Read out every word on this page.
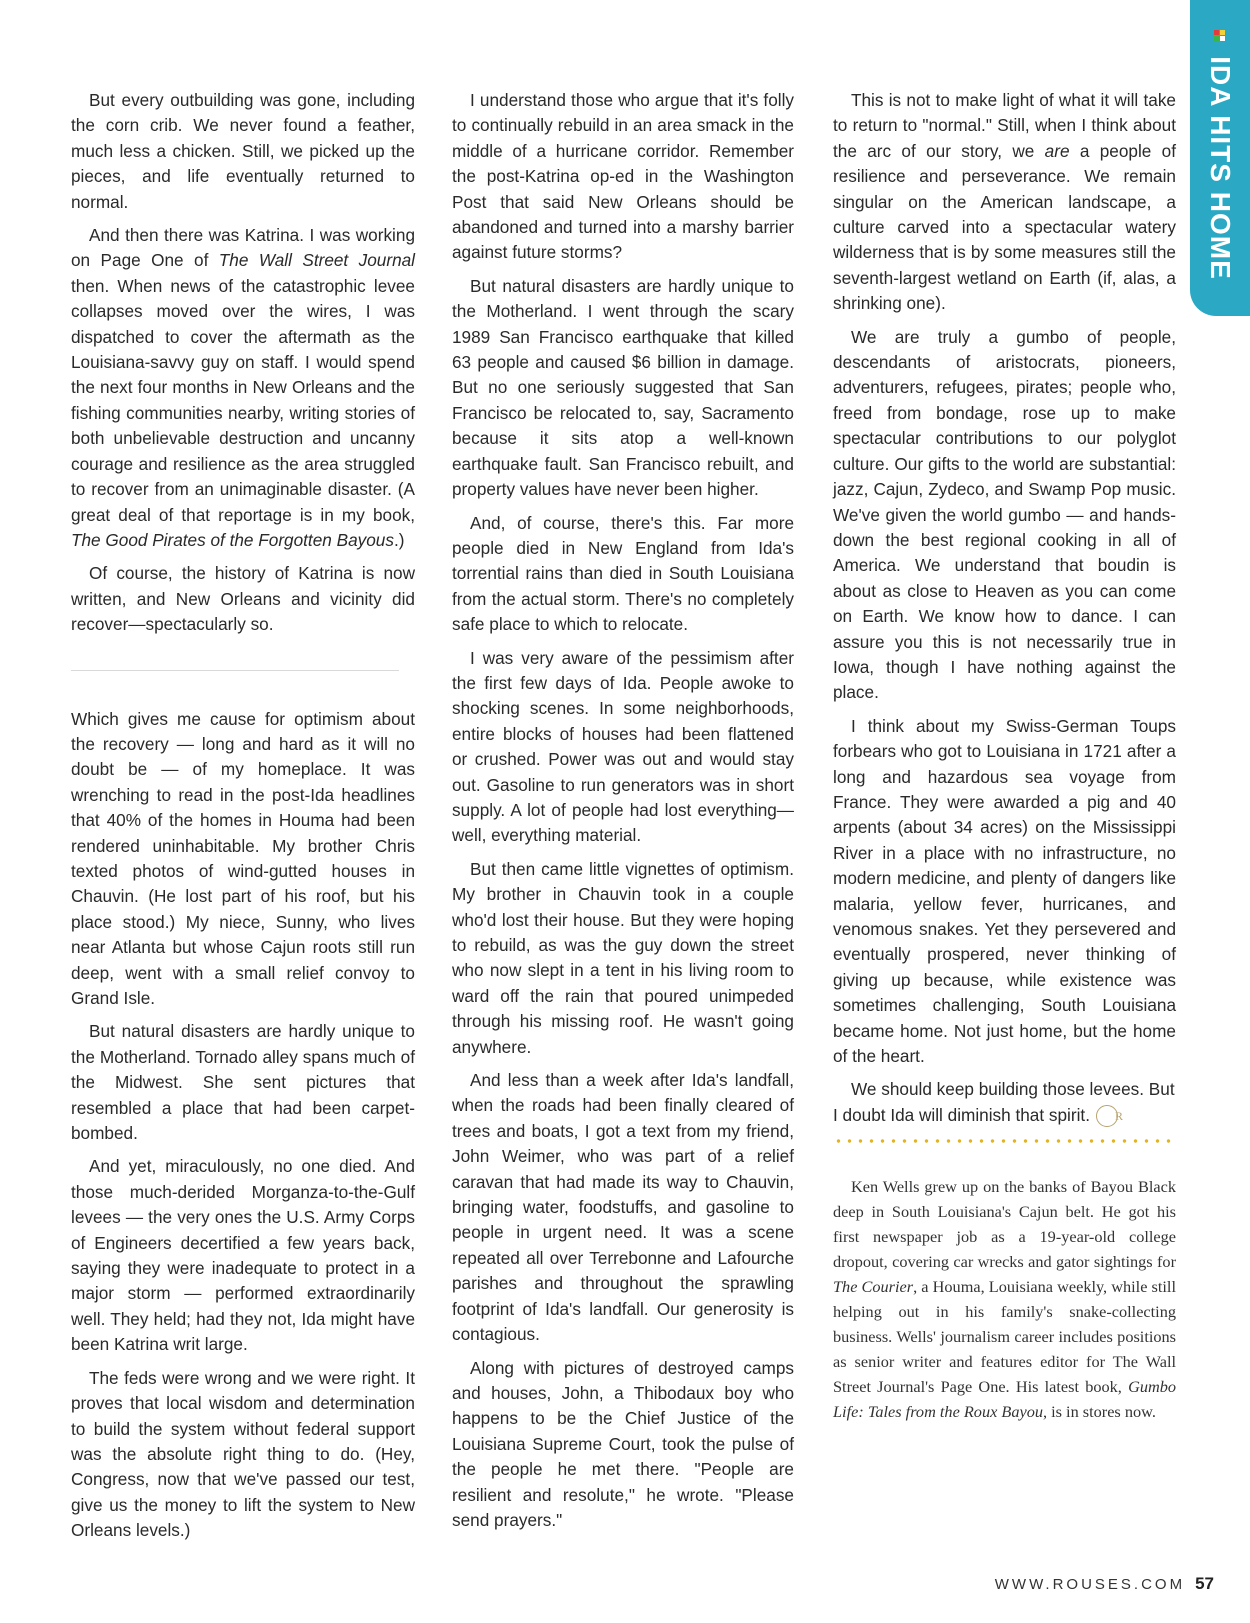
IDA HITS HOME

But every outbuilding was gone, including the corn crib. We never found a feather, much less a chicken. Still, we picked up the pieces, and life eventually returned to normal.

And then there was Katrina. I was working on Page One of The Wall Street Journal then. When news of the catastrophic levee collapses moved over the wires, I was dispatched to cover the aftermath as the Louisiana-savvy guy on staff. I would spend the next four months in New Orleans and the fishing communities nearby, writing stories of both unbelievable destruction and uncanny courage and resilience as the area struggled to recover from an unimaginable disaster. (A great deal of that reportage is in my book, The Good Pirates of the Forgotten Bayous.)

Of course, the history of Katrina is now written, and New Orleans and vicinity did recover—spectacularly so.

Which gives me cause for optimism about the recovery — long and hard as it will no doubt be — of my homeplace. It was wrenching to read in the post-Ida headlines that 40% of the homes in Houma had been rendered uninhabitable. My brother Chris texted photos of wind-gutted houses in Chauvin. (He lost part of his roof, but his place stood.) My niece, Sunny, who lives near Atlanta but whose Cajun roots still run deep, went with a small relief convoy to Grand Isle.

But natural disasters are hardly unique to the Motherland. Tornado alley spans much of the Midwest. She sent pictures that resembled a place that had been carpet-bombed.

And yet, miraculously, no one died. And those much-derided Morganza-to-the-Gulf levees — the very ones the U.S. Army Corps of Engineers decertified a few years back, saying they were inadequate to protect in a major storm — performed extraordinarily well. They held; had they not, Ida might have been Katrina writ large.

The feds were wrong and we were right. It proves that local wisdom and determination to build the system without federal support was the absolute right thing to do. (Hey, Congress, now that we've passed our test, give us the money to lift the system to New Orleans levels.)

I understand those who argue that it's folly to continually rebuild in an area smack in the middle of a hurricane corridor. Remember the post-Katrina op-ed in the Washington Post that said New Orleans should be abandoned and turned into a marshy barrier against future storms?

But natural disasters are hardly unique to the Motherland. I went through the scary 1989 San Francisco earthquake that killed 63 people and caused $6 billion in damage. But no one seriously suggested that San Francisco be relocated to, say, Sacramento because it sits atop a well-known earthquake fault. San Francisco rebuilt, and property values have never been higher.

And, of course, there's this. Far more people died in New England from Ida's torrential rains than died in South Louisiana from the actual storm. There's no completely safe place to which to relocate.

I was very aware of the pessimism after the first few days of Ida. People awoke to shocking scenes. In some neighborhoods, entire blocks of houses had been flattened or crushed. Power was out and would stay out. Gasoline to run generators was in short supply. A lot of people had lost everything—well, everything material.

But then came little vignettes of optimism. My brother in Chauvin took in a couple who'd lost their house. But they were hoping to rebuild, as was the guy down the street who now slept in a tent in his living room to ward off the rain that poured unimpeded through his missing roof. He wasn't going anywhere.

And less than a week after Ida's landfall, when the roads had been finally cleared of trees and boats, I got a text from my friend, John Weimer, who was part of a relief caravan that had made its way to Chauvin, bringing water, foodstuffs, and gasoline to people in urgent need. It was a scene repeated all over Terrebonne and Lafourche parishes and throughout the sprawling footprint of Ida's landfall. Our generosity is contagious.

Along with pictures of destroyed camps and houses, John, a Thibodaux boy who happens to be the Chief Justice of the Louisiana Supreme Court, took the pulse of the people he met there. "People are resilient and resolute," he wrote. "Please send prayers."

This is not to make light of what it will take to return to "normal." Still, when I think about the arc of our story, we are a people of resilience and perseverance. We remain singular on the American landscape, a culture carved into a spectacular watery wilderness that is by some measures still the seventh-largest wetland on Earth (if, alas, a shrinking one).

We are truly a gumbo of people, descendants of aristocrats, pioneers, adventurers, refugees, pirates; people who, freed from bondage, rose up to make spectacular contributions to our polyglot culture. Our gifts to the world are substantial: jazz, Cajun, Zydeco, and Swamp Pop music. We've given the world gumbo — and hands-down the best regional cooking in all of America. We understand that boudin is about as close to Heaven as you can come on Earth. We know how to dance. I can assure you this is not necessarily true in Iowa, though I have nothing against the place.

I think about my Swiss-German Toups forbears who got to Louisiana in 1721 after a long and hazardous sea voyage from France. They were awarded a pig and 40 arpents (about 34 acres) on the Mississippi River in a place with no infrastructure, no modern medicine, and plenty of dangers like malaria, yellow fever, hurricanes, and venomous snakes. Yet they persevered and eventually prospered, never thinking of giving up because, while existence was sometimes challenging, South Louisiana became home. Not just home, but the home of the heart.

We should keep building those levees. But I doubt Ida will diminish that spirit. R

Ken Wells grew up on the banks of Bayou Black deep in South Louisiana's Cajun belt. He got his first newspaper job as a 19-year-old college dropout, covering car wrecks and gator sightings for The Courier, a Houma, Louisiana weekly, while still helping out in his family's snake-collecting business. Wells' journalism career includes positions as senior writer and features editor for The Wall Street Journal's Page One. His latest book, Gumbo Life: Tales from the Roux Bayou, is in stores now.

WWW.ROUSES.COM 57
